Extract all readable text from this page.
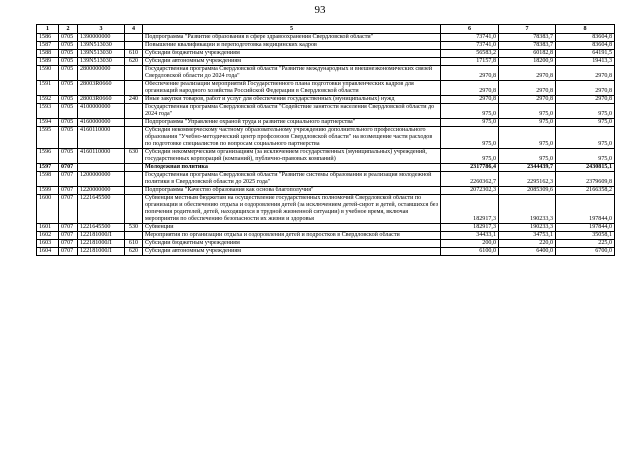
93
1	2	3	4	5	6	7	8
1586	0705	1390000000		Подпрограмма "Развитие образования в сфере здравоохранения Свердловской области"	73741,0	78383,7	83604,8
1587	0705	139N513030		Повышение квалификации и переподготовка медицинских кадров	73741,0	78383,7	83604,8
1588	0705	139N513030	610	Субсидии бюджетным учреждениям	56583,2	60182,8	64191,5
1589	0705	139N513030	620	Субсидии автономным учреждениям	17157,8	18200,9	19413,3
1590	0705	2800000000		Государственная программа Свердловской области "Развитие международных и внешнеэкономических связей Свердловской области до 2024 года"	2970,8	2970,8	2970,8
1591	0705	28003R0660		Обеспечение реализации мероприятий Государственного плана подготовки управленческих кадров для организаций народного хозяйства Российской Федерации в Свердловской области	2970,8	2970,8	2970,8
1592	0705	28003R0660	240	Иные закупки товаров, работ и услуг для обеспечения государственных (муниципальных) нужд	2970,8	2970,8	2970,8
1593	0705	4100000000		Государственная программа Свердловской области "Содействие занятости населения Свердловской области до 2024 года"	975,0	975,0	975,0
1594	0705	4160000000		Подпрограмма "Управление охраной труда и развитие социального партнерства"	975,0	975,0	975,0
1595	0705	4160110000		Субсидия некоммерческому частному образовательному учреждению дополнительного профессионального образования "Учебно-методический центр профсоюзов Свердловской области" на возмещение части расходов по подготовке специалистов по вопросам социального партнерства	975,0	975,0	975,0
1596	0705	4160110000	630	Субсидии некоммерческим организациям (за исключением государственных (муниципальных) учреждений, государственных корпораций (компаний), публично-правовых компаний)	975,0	975,0	975,0
1597	0707			Молодежная политика	2317786,4	2344439,7	2430815,1
1598	0707	1200000000		Государственная программа Свердловской области "Развитие системы образования и реализация молодежной политики в Свердловской области до 2025 года"	2260362,7	2295162,3	2379609,8
1599	0707	1220000000		Подпрограмма "Качество образования как основа благополучия"	2072302,3	2085309,6	2166358,2
1600	0707	1221645500		Субвенция местным бюджетам на осуществление государственных полномочий Свердловской области по организации и обеспечению отдыха и оздоровления детей (за исключением детей-сирот и детей, оставшихся без попечения родителей, детей, находящихся в трудной жизненной ситуации) в учебное время, включая мероприятия по обеспечению безопасности их жизни и здоровья	182917,3	190233,3	197844,0
1601	0707	1221645500	530	Субвенции	182917,3	190233,3	197844,0
1602	0707	122181000Л		Мероприятия по организации отдыха и оздоровления детей и подростков в Свердловской области	34433,1	34753,1	35058,1
1603	0707	122181000Л	610	Субсидии бюджетным учреждениям	200,0	220,0	225,0
1604	0707	122181000Л	620	Субсидии автономным учреждениям	6100,0	6400,0	6700,0
